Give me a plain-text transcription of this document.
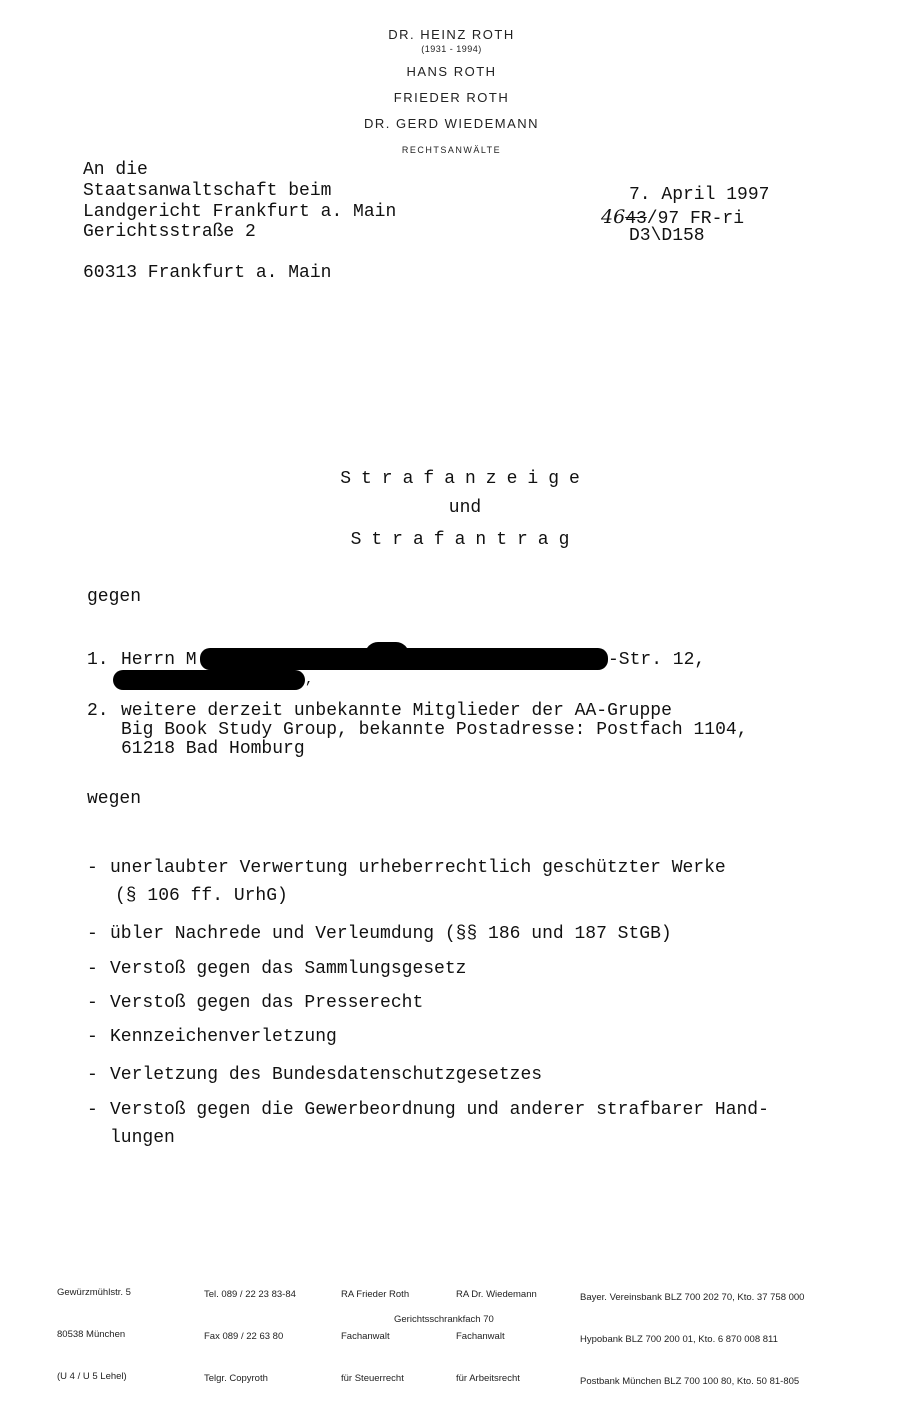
DR. HEINZ ROTH
(1931 - 1994)
HANS ROTH
FRIEDER ROTH
DR. GERD WIEDEMANN
RECHTSANWÄLTE
An die
Staatsanwaltschaft beim
Landgericht Frankfurt a. Main
Gerichtsstraße 2
60313 Frankfurt a. Main
7. April 1997
4643/97 FR-ri
D3\D158
Strafanzeige
und
Strafantrag
gegen
1. Herrn M	-Str. 12,
,
2. weitere derzeit unbekannte Mitglieder der AA-Gruppe
Big Book Study Group, bekannte Postadresse: Postfach 1104,
61218 Bad Homburg
wegen
- unerlaubter Verwertung urheberrechtlich geschützter Werke
(§ 106 ff. UrhG)
- übler Nachrede und Verleumdung (§§ 186 und 187 StGB)
- Verstoß gegen das Sammlungsgesetz
- Verstoß gegen das Presserecht
- Kennzeichenverletzung
- Verletzung des Bundesdatenschutzgesetzes
- Verstoß gegen die Gewerbeordnung und anderer strafbarer Hand-
lungen

Gewürzmühlstr. 5

80538 München

(U 4 / U 5 Lehel)

Tel. 089 / 22 23 83-84

Fax 089 / 22 63 80

Telgr. Copyroth

RA Frieder Roth

Fachanwalt

für Steuerrecht

RA Dr. Wiedemann

Fachanwalt

für Arbeitsrecht

Bayer. Vereinsbank BLZ 700 202 70, Kto. 37 758 000

Hypobank BLZ 700 200 01, Kto. 6 870 008 811

Postbank München BLZ 700 100 80, Kto. 50 81-805

Gerichtsschrankfach 70
